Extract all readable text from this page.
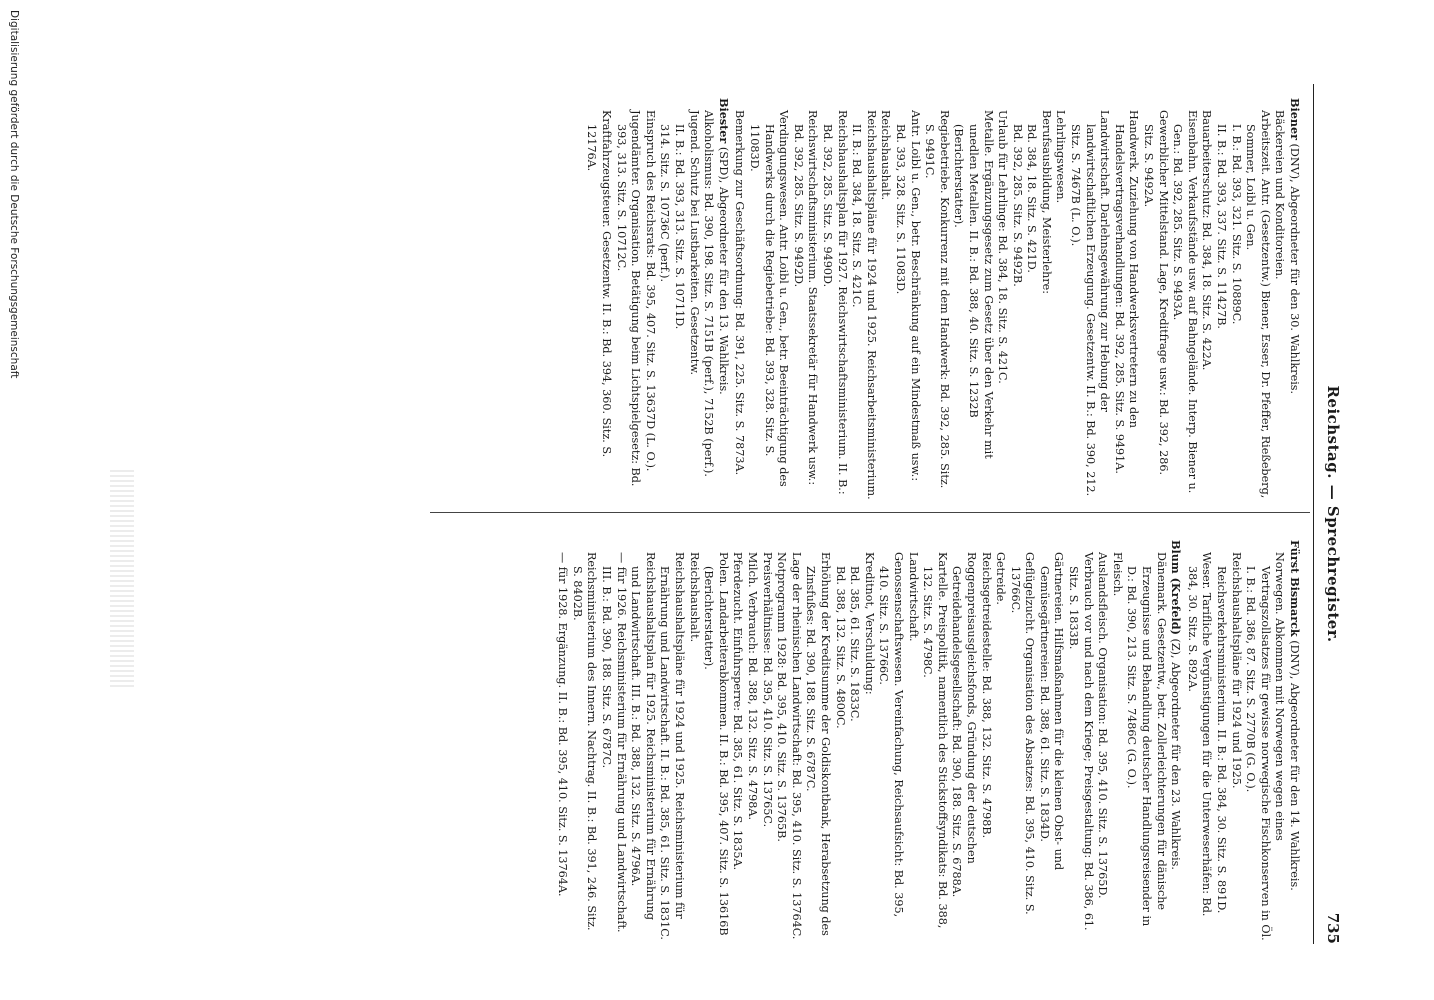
Reichstag. — Sprechregister.
735
Biener (DNV), Abgeordneter für den 30. Wahlkreis.
Bäckereien und Konditoreien.
Arbeitszeit. Antr. (Gesetzentw.) Biener, Esser, Dr. Pfeffer, Rießeberg, Sommer, Loibl u. Gen.
I. B.: Bd. 393, 321. Sitz. S. 10889C.
II. B.: Bd. 393, 337. Sitz. S. 11427B.
Bauarbeiterschutz: Bd. 384, 18. Sitz. S. 422A.
Eisenbahn. Verkaufsstände usw. auf Bahngelände. Interp. Biener u. Gen.: Bd. 392, 285. Sitz. S. 9493A.
Gewerblicher Mittelstand. Lage, Kreditfrage usw.: Bd. 392, 286. Sitz. S. 9492A.
Handwerk. Zuziehung von Handwerksvertretern zu den Handelsvertragsverhandlungen: Bd. 392, 285. Sitz. S. 9491A.
Landwirtschaft. Darlehnsgewährung zur Hebung der landwirtschaftlichen Erzeugung. Gesetzentw. II. B.: Bd. 390, 212. Sitz. S. 7467B (L. O.).
Lehrlingswesen.
Berufsausbildung, Meisterlehre:
Bd. 384, 18. Sitz. S. 421D.
Bd. 392, 285. Sitz. S. 9492B.
Urlaub für Lehrlinge: Bd. 384, 18. Sitz. S. 421C.
Metalle. Ergänzungsgesetz zum Gesetz über den Verkehr mit unedlen Metallen. II. B.: Bd. 388, 40. Sitz. S. 1232B (Berichterstatter).
Regiebetriebe. Konkurrenz mit dem Handwerk: Bd. 392, 285. Sitz. S. 9491C.
Antr. Loibl u. Gen., betr. Beschränkung auf ein Mindestmaß usw.: Bd. 393, 328. Sitz. S. 11083D.
Reichshaushalt.
Reichshaushaltspläne für 1924 und 1925. Reichsarbeitsministerium. II. B.: Bd. 384, 18. Sitz. S. 421C.
Reichshaushaltsplan für 1927. Reichswirtschaftsministerium. II. B.: Bd. 392, 285. Sitz. S. 9490D.
Reichswirtschaftsministerium. Staatssekretär für Handwerk usw.: Bd. 392, 285. Sitz. S. 9492D.
Verdingungswesen. Antr. Loibl u. Gen., betr. Beeinträchtigung des Handwerks durch die Regiebetriebe: Bd. 393, 328. Sitz. S. 11083D.
Bemerkung zur Geschäftsordnung: Bd. 391, 225. Sitz. S. 7873A.
Biester (SPD), Abgeordneter für den 13. Wahlkreis.
Alkoholismus: Bd. 390, 198. Sitz. S. 7151B (perf.), 7152B (perf.).
Jugend. Schutz bei Lustbarkeiten. Gesetzentw.
II. B.: Bd. 393, 313. Sitz. S. 10711D.
314. Sitz. S. 10736C (perf.).
Einspruch des Reichsrats: Bd. 395, 407. Sitz. S. 13637D (L. O.).
Jugendämter. Organisation. Betätigung beim Lichtspielgesetz: Bd. 393, 313. Sitz. S. 10712C.
Kraftfahrzeugsteuer. Gesetzentw. II. B.: Bd. 394, 360. Sitz. S. 12176A.
Fürst Bismarck (DNV), Abgeordneter für den 14. Wahlkreis.
Norwegen. Abkommen mit Norwegen wegen eines Vertragszollsatzes für gewisse norwegische Fischkonserven in Öl. I. B.: Bd. 386, 87. Sitz. S. 2770B (G. O.).
Reichshaushaltspläne für 1924 und 1925. Reichsverkehrsministerium. II. B.: Bd. 384, 30. Sitz. S. 891D.
Weser. Tarifliche Vergünstigungen für die Unterweserhäfen: Bd. 384, 30. Sitz. S. 892A.
Blum (Krefeld) (Z), Abgeordneter für den 23. Wahlkreis.
Dänemark. Gesetzentw., betr. Zollerleichterungen für dänische Erzeugnisse und Behandlung deutscher Handlungsreisender in D.: Bd. 390, 213. Sitz. S. 7486C (G. O.).
Fleisch.
Auslandsfleisch. Organisation: Bd. 395, 410. Sitz. S. 13765D.
Verbrauch vor und nach dem Kriege; Preisgestaltung: Bd. 386, 61. Sitz. S. 1833B.
Gärtnereien. Hilfsmaßnahmen für die kleinen Obst- und Gemüsegärtnereien: Bd. 388, 61. Sitz. S. 1834D.
Geflügelzucht. Organisation des Absatzes: Bd. 395, 410. Sitz. S. 13766C.
Getreide.
Reichsgetreidestelle: Bd. 388, 132. Sitz. S. 4798B.
Roggenpreisausgleichsfonds, Gründung der deutschen Getreidehandelsgesellschaft: Bd. 390, 188. Sitz. S. 6788A.
Kartelle. Preispolitik, namentlich des Stickstoffsyndikats: Bd. 388, 132. Sitz. S. 4798C.
Landwirtschaft.
Genossenschaftswesen. Vereinfachung, Reichsaufsicht: Bd. 395, 410. Sitz. S. 13766C.
Kreditnot, Verschuldung:
Bd. 385, 61. Sitz. S. 1833C.
Bd. 388, 132. Sitz. S. 4800C.
Erhöhung der Kreditsumme der Goldiskontbank, Herabsetzung des Zinsfußes: Bd. 390, 188. Sitz. S. 6787C.
Lage der rheinischen Landwirtschaft: Bd. 395, 410. Sitz. S. 13764C.
Notprogramm 1928: Bd. 395, 410. Sitz. S. 13765B.
Preisverhältnisse: Bd. 395, 410. Sitz. S. 13765C.
Milch. Verbrauch: Bd. 388, 132. Sitz. S. 4798A.
Pferdezucht. Einfuhrsperre: Bd. 385, 61. Sitz. S. 1835A.
Polen. Landarbeiterabkommen. II. B.: Bd. 395, 407. Sitz. S. 13616B (Berichterstatter).
Reichshaushalt.
Reichshaushaltspläne für 1924 und 1925. Reichsministerium für Ernährung und Landwirtschaft. II. B.: Bd. 385, 61. Sitz. S. 1831C.
Reichshaushaltsplan für 1925. Reichsministerium für Ernährung und Landwirtschaft. III. B.: Bd. 388, 132. Sitz. S. 4796A.
— für 1926. Reichsministerium für Ernährung und Landwirtschaft. III. B.: Bd. 390, 188. Sitz. S. 6787C.
Reichsministerium des Innern. Nachtrag. II. B.: Bd. 391, 246. Sitz. S. 8402B.
— für 1928. Ergänzung. II. B.: Bd. 395, 410. Sitz. S. 13764A.
Digitalisierung gefördert durch die Deutsche Forschungsgemeinschaft
